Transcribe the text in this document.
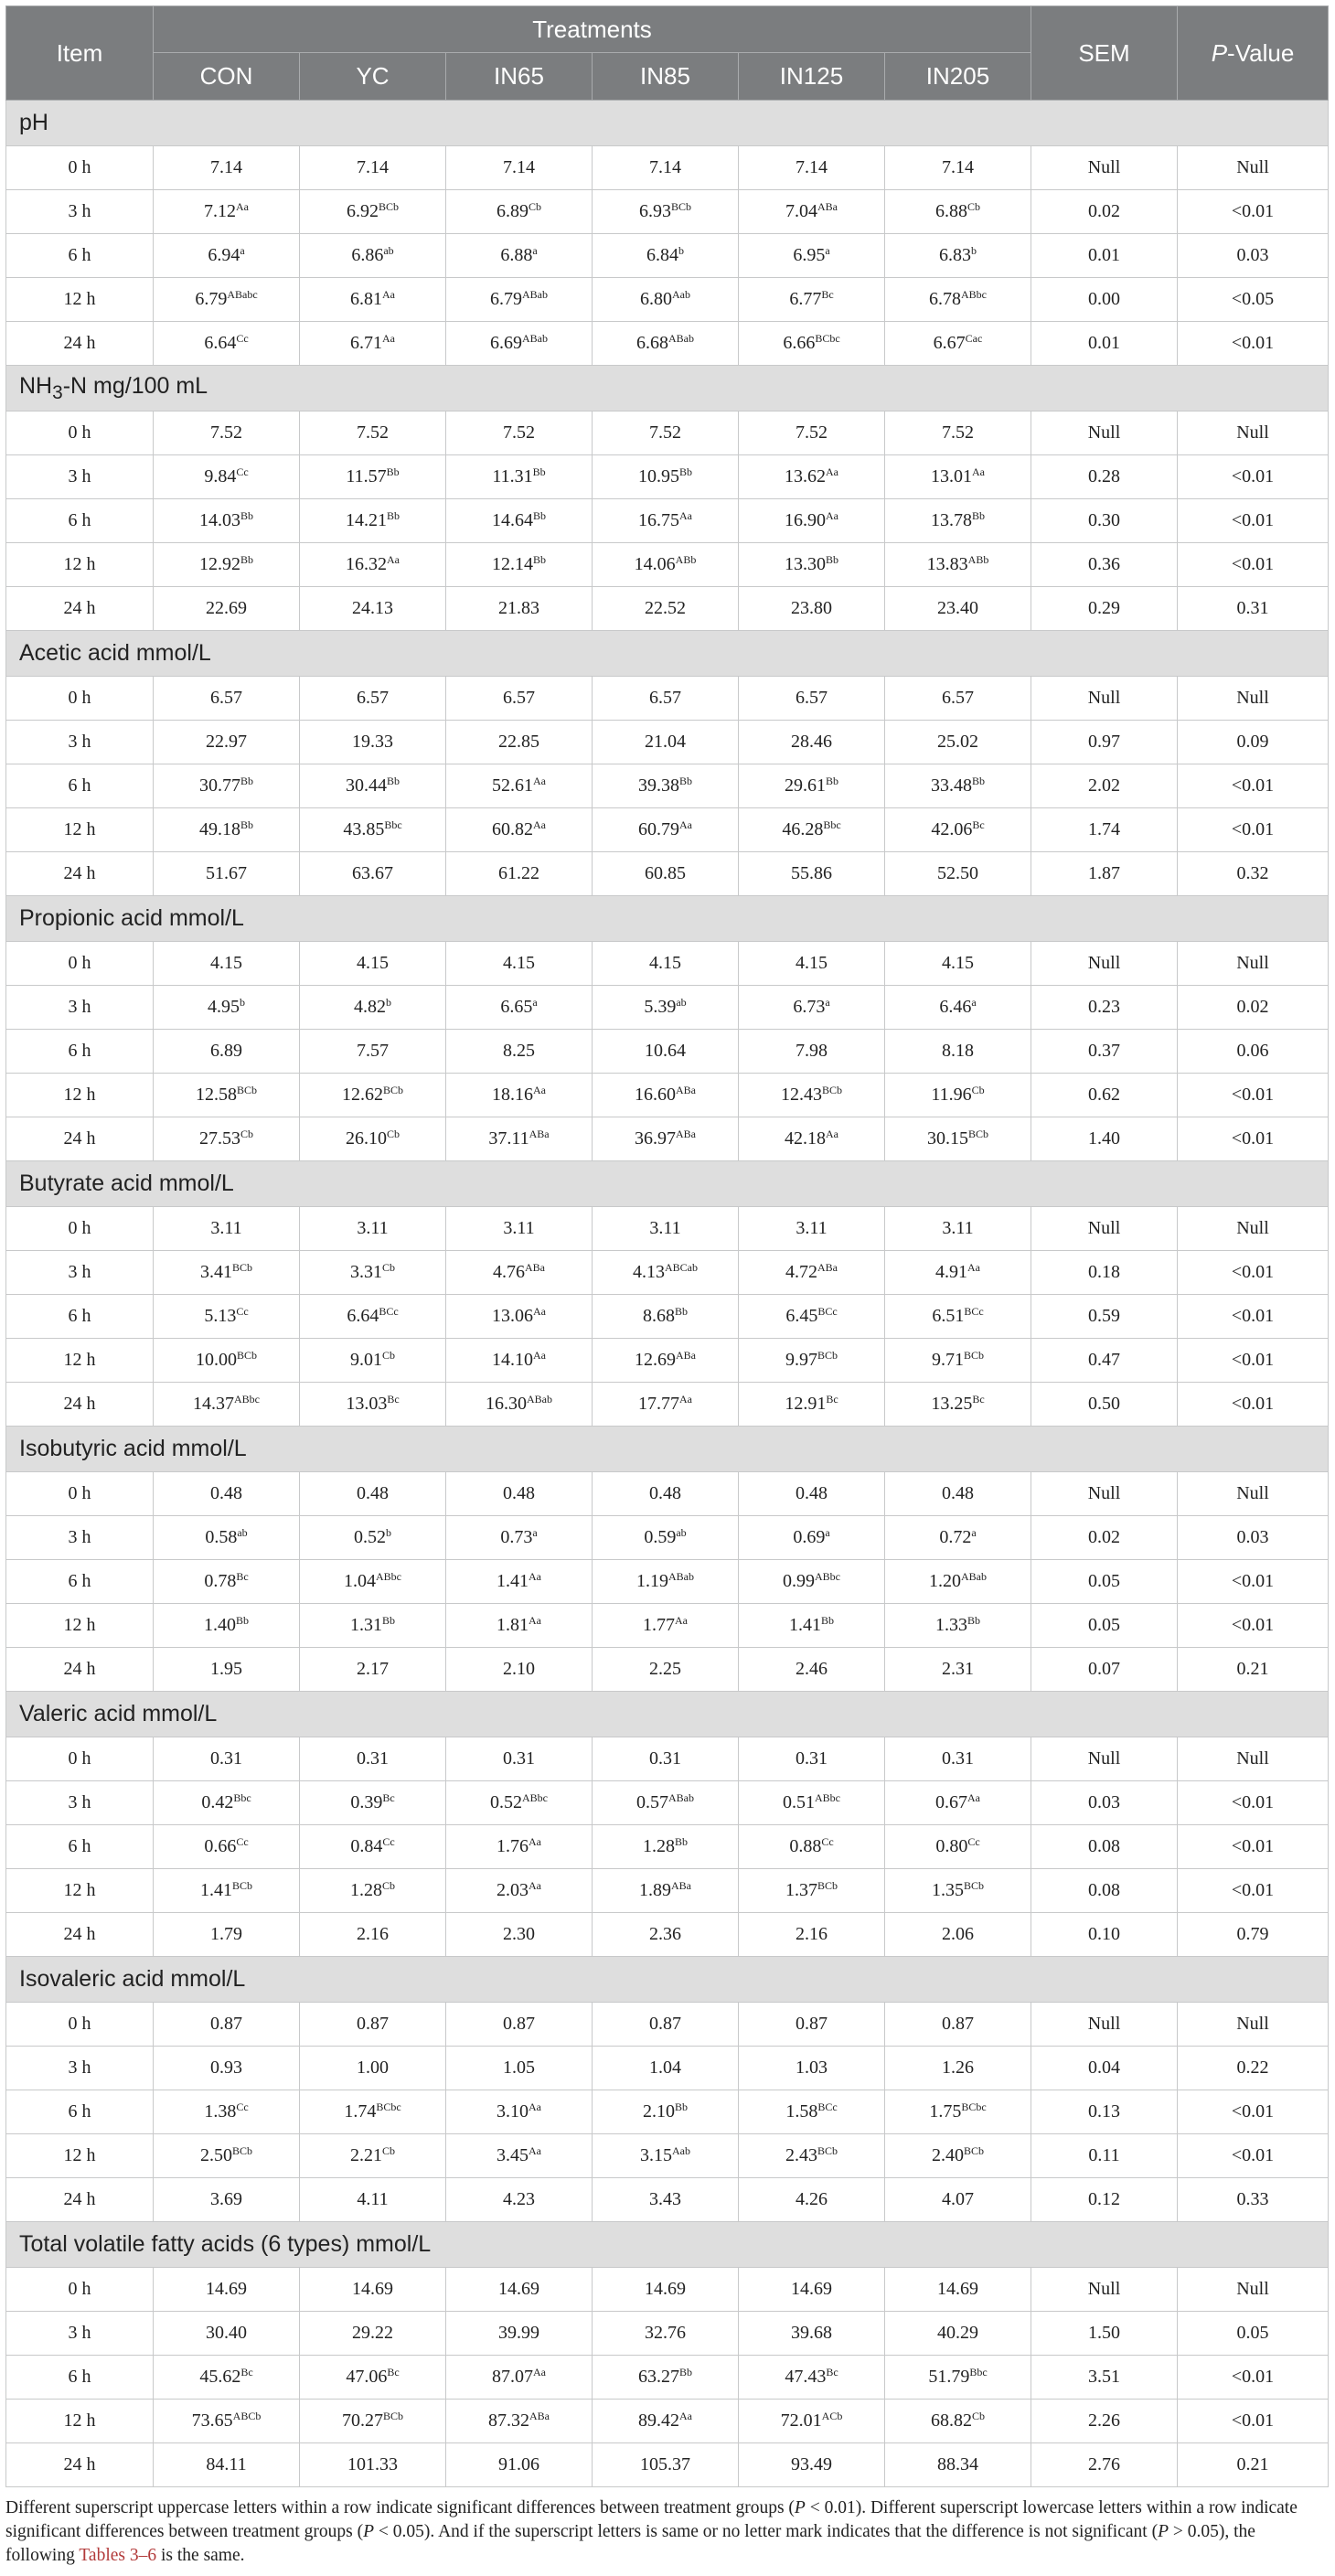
Item	Treatments						SEM	P-Value
	CON	YC	IN65	IN85	IN125	IN205		
pH								
0 h	7.14	7.14	7.14	7.14	7.14	7.14	Null	Null
3 h	$7.12^{Aa}$	$6.92^{BCb}$	$6.89^{Cb}$	$6.93^{BCb}$	$7.04^{ABa}$	$6.88^{Cb}$	0.02	<0.01
6 h	6.94$^a$	6.86$^{ab}$	6.88$^a$	6.84$^b$	6.95$^a$	6.83$^b$	0.01	0.03
12 h	$6.79^{ABabc}$	$6.81^{Aa}$	$6.79^{ABab}$	$6.80^{Aab}$	$6.77^{Bc}$	$6.78^{ABbc}$	0.00	<0.05
24 h	$6.64^{Cc}$	$6.71^{Aa}$	$6.69^{ABab}$	$6.68^{ABab}$	$6.66^{BCbc}$	$6.67^{Cac}$	0.01	<0.01
$NH_3-N$ mg/100 mL								
0 h	7.52	7.52	7.52	7.52	7.52	7.52	Null	Null
3 h	$9.84^{Cc}$	$11.57^{Bb}$	$11.31^{Bb}$	$10.95^{Bb}$	$13.62^{Aa}$	$13.01^{Aa}$	0.28	<0.01
6 h	$14.03^{Bb}$	$14.21^{Bb}$	$14.64^{Bb}$	$16.75^{Aa}$	$16.90^{Aa}$	$13.78^{Bb}$	0.30	<0.01
12 h	$12.92^{Bb}$	$16.32^{Aa}$	$12.14^{Bb}$	$14.06^{ABb}$	$13.30^{Bb}$	$13.83^{ABb}$	0.36	<0.01
24 h	22.69	24.13	21.83	22.52	23.80	23.40	0.29	0.31
Acetic acid mmol/L								
0 h	6.57	6.57	6.57	6.57	6.57	6.57	Null	Null
3 h	22.97	19.33	22.85	21.04	28.46	25.02	0.97	0.09
6 h	$30.77^{Bb}$	$30.44^{Bb}$	$52.61^{Aa}$	$39.38^{Bb}$	$29.61^{Bb}$	$33.48^{Bb}$	2.02	<0.01
12 h	$49.18^{Bb}$	$43.85^{Bbc}$	$60.82^{Aa}$	$60.79^{Aa}$	$46.28^{Bbc}$	$42.06^{Bc}$	1.74	<0.01
24 h	51.67	63.67	61.22	60.85	55.86	52.50	1.87	0.32
Propionic acid mmol/L								
0 h	4.15	4.15	4.15	4.15	4.15	4.15	Null	Null
3 h	4.95$^b$	4.82$^b$	6.65$^a$	5.39$^{ab}$	6.73$^a$	6.46$^a$	0.23	0.02
6 h	6.89	7.57	8.25	10.64	7.98	8.18	0.37	0.06
12 h	$12.58^{BCb}$	$12.62^{BCb}$	$18.16^{Aa}$	$16.60^{ABa}$	$12.43^{BCb}$	$11.96^{Cb}$	0.62	<0.01
24 h	$27.53^{Cb}$	$26.10^{Cb}$	$37.11^{ABa}$	$36.97^{ABa}$	$42.18^{Aa}$	$30.15^{BCb}$	1.40	<0.01
Butyrate acid mmol/L								
0 h	3.11	3.11	3.11	3.11	3.11	3.11	Null	Null
3 h	$3.41^{BCb}$	$3.31^{Cb}$	$4.76^{ABa}$	$4.13^{ABCab}$	$4.72^{ABa}$	$4.91^{Aa}$	0.18	<0.01
6 h	$5.13^{Cc}$	$6.64^{BCc}$	$13.06^{Aa}$	$8.68^{Bb}$	$6.45^{BCc}$	$6.51^{BCc}$	0.59	<0.01
12 h	$10.00^{BCb}$	$9.01^{Cb}$	$14.10^{Aa}$	$12.69^{ABa}$	$9.97^{BCb}$	$9.71^{BCb}$	0.47	<0.01
24 h	$14.37^{ABbc}$	$13.03^{Bc}$	$16.30^{ABab}$	$17.77^{Aa}$	$12.91^{Bc}$	$13.25^{Bc}$	0.50	<0.01
Isobutyric acid mmol/L								
0 h	0.48	0.48	0.48	0.48	0.48	0.48	Null	Null
3 h	0.58$^{ab}$	0.52$^b$	0.73$^a$	0.59$^{ab}$	0.69$^a$	0.72$^a$	0.02	0.03
6 h	$0.78^{Bc}$	$1.04^{ABbc}$	$1.41^{Aa}$	$1.19^{ABab}$	$0.99^{ABbc}$	$1.20^{ABab}$	0.05	<0.01
12 h	$1.40^{Bb}$	$1.31^{Bb}$	$1.81^{Aa}$	$1.77^{Aa}$	$1.41^{Bb}$	$1.33^{Bb}$	0.05	<0.01
24 h	1.95	2.17	2.10	2.25	2.46	2.31	0.07	0.21
Valeric acid mmol/L								
0 h	0.31	0.31	0.31	0.31	0.31	0.31	Null	Null
3 h	$0.42^{Bbc}$	$0.39^{Bc}$	$0.52^{ABbc}$	$0.57^{ABab}$	$0.51^{ABbc}$	$0.67^{Aa}$	0.03	<0.01
6 h	$0.66^{Cc}$	$0.84^{Cc}$	$1.76^{Aa}$	$1.28^{Bb}$	$0.88^{Cc}$	$0.80^{Cc}$	0.08	<0.01
12 h	$1.41^{BCb}$	$1.28^{Cb}$	$2.03^{Aa}$	$1.89^{ABa}$	$1.37^{BCb}$	$1.35^{BCb}$	0.08	<0.01
24 h	1.79	2.16	2.30	2.36	2.16	2.06	0.10	0.79
Isovaleric acid mmol/L								
0 h	0.87	0.87	0.87	0.87	0.87	0.87	Null	Null
3 h	0.93	1.00	1.05	1.04	1.03	1.26	0.04	0.22
6 h	$1.38^{Cc}$	$1.74^{BCbc}$	$3.10^{Aa}$	$2.10^{Bb}$	$1.58^{BCc}$	$1.75^{BCbc}$	0.13	<0.01
12 h	$2.50^{BCb}$	$2.21^{Cb}$	$3.45^{Aa}$	$3.15^{Aab}$	$2.43^{BCb}$	$2.40^{BCb}$	0.11	<0.01
24 h	3.69	4.11	4.23	3.43	4.26	4.07	0.12	0.33
Total volatile fatty acids (6 types) mmol/L								
0 h	14.69	14.69	14.69	14.69	14.69	14.69	Null	Null
3 h	30.40	29.22	39.99	32.76	39.68	40.29	1.50	0.05
6 h	$45.62^{Bc}$	$47.06^{Bc}$	$87.07^{Aa}$	$63.27^{Bb}$	$47.43^{Bc}$	$51.79^{Bbc}$	3.51	<0.01
12 h	$73.65^{ABCb}$	$70.27^{BCb}$	$87.32^{ABa}$	$89.42^{Aa}$	$72.01^{ACb}$	$68.82^{Cb}$	2.26	<0.01
24 h	84.11	101.33	91.06	105.37	93.49	88.34	2.76	0.21
Different superscript uppercase letters within a row indicate significant differences between treatment groups (P < 0.01). Different superscript lowercase letters within a row indicate significant differences between treatment groups (P < 0.05). And if the superscript letters is same or no letter mark indicates that the difference is not significant (P > 0.05), the following Tables 3–6 is the same.
